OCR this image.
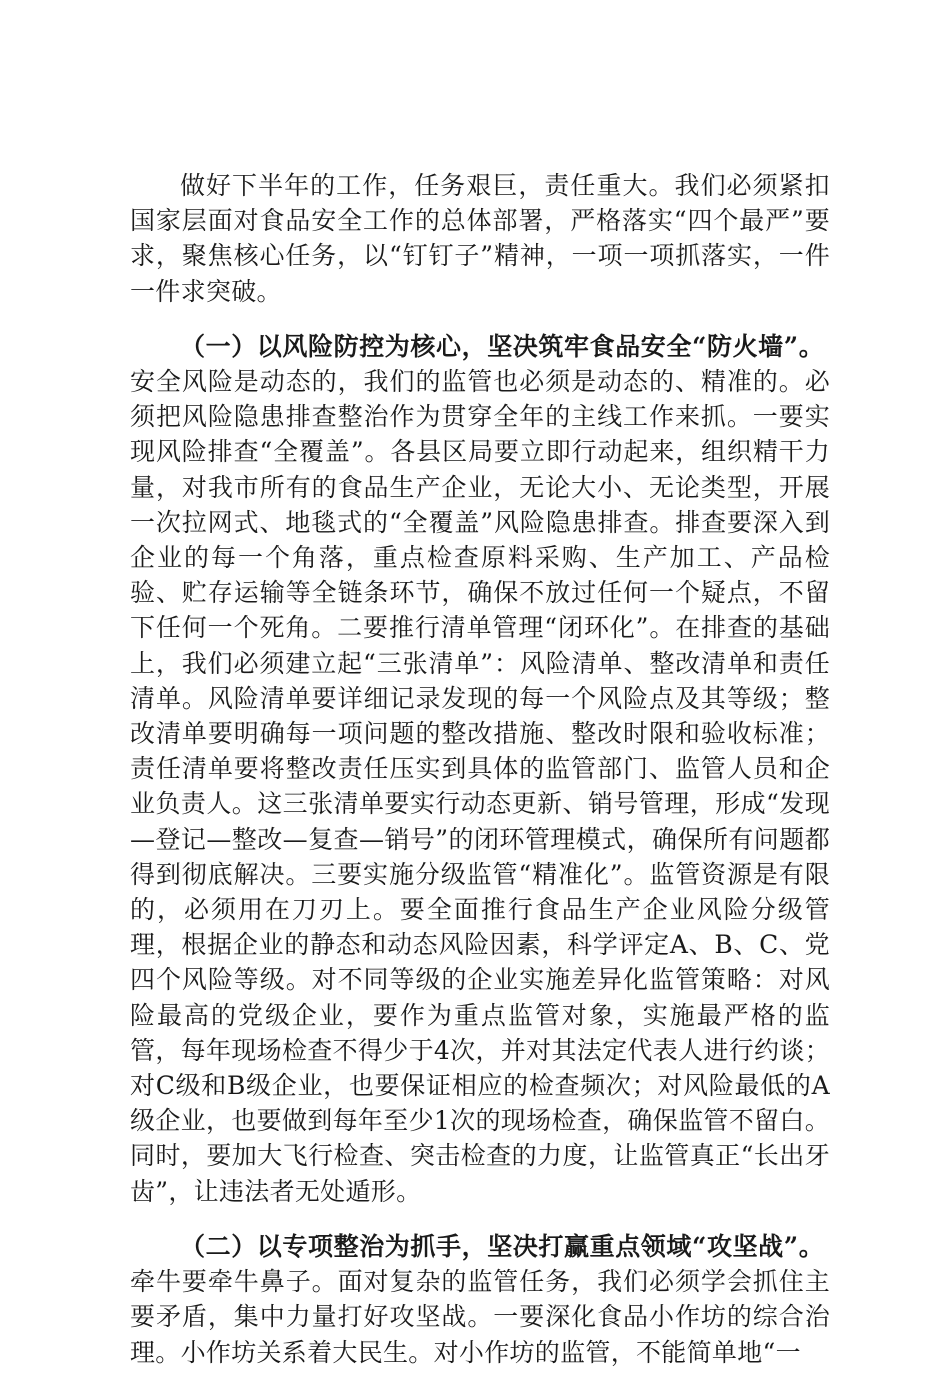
做好下半年的工作，任务艰巨，责任重大。我们必须紧扣国家层面对食品安全工作的总体部署，严格落实“四个最严”要求，聚焦核心任务，以“钉钉子”精神，一项一项抓落实，一件一件求突破。

（一）以风险防控为核心，坚决筑牢食品安全“防火墙”。
安全风险是动态的，我们的监管也必须是动态的、精准的。必须把风险隐患排查整治作为贯穿全年的主线工作来抓。一要实现风险排查“全覆盖”。各县区局要立即行动起来，组织精干力量，对我市所有的食品生产企业，无论大小、无论类型，开展一次拉网式、地毯式的“全覆盖”风险隐患排查。排查要深入到企业的每一个角落，重点检查原料采购、生产加工、产品检验、贮存运输等全链条环节，确保不放过任何一个疑点，不留下任何一个死角。二要推行清单管理“闭环化”。在排查的基础上，我们必须建立起“三张清单”：风险清单、整改清单和责任清单。风险清单要详细记录发现的每一个风险点及其等级；整改清单要明确每一项问题的整改措施、整改时限和验收标准；责任清单要将整改责任压实到具体的监管部门、监管人员和企业负责人。这三张清单要实行动态更新、销号管理，形成“发现—登记—整改—复查—销号”的闭环管理模式，确保所有问题都得到彻底解决。三要实施分级监管“精准化”。监管资源是有限的，必须用在刀刃上。要全面推行食品生产企业风险分级管理，根据企业的静态和动态风险因素，科学评定A、B、C、党四个风险等级。对不同等级的企业实施差异化监管策略：对风险最高的党级企业，要作为重点监管对象，实施最严格的监管，每年现场检查不得少于4次，并对其法定代表人进行约谈；对C级和B级企业，也要保证相应的检查频次；对风险最低的A级企业，也要做到每年至少1次的现场检查，确保监管不留白。同时，要加大飞行检查、突击检查的力度，让监管真正“长出牙齿”，让违法者无处遁形。
（二）以专项整治为抓手，坚决打赢重点领域“攻坚战”。
牵牛要牵牛鼻子。面对复杂的监管任务，我们必须学会抓住主要矛盾，集中力量打好攻坚战。一要深化食品小作坊的综合治理。小作坊关系着大民生。对小作坊的监管，不能简单地“一
